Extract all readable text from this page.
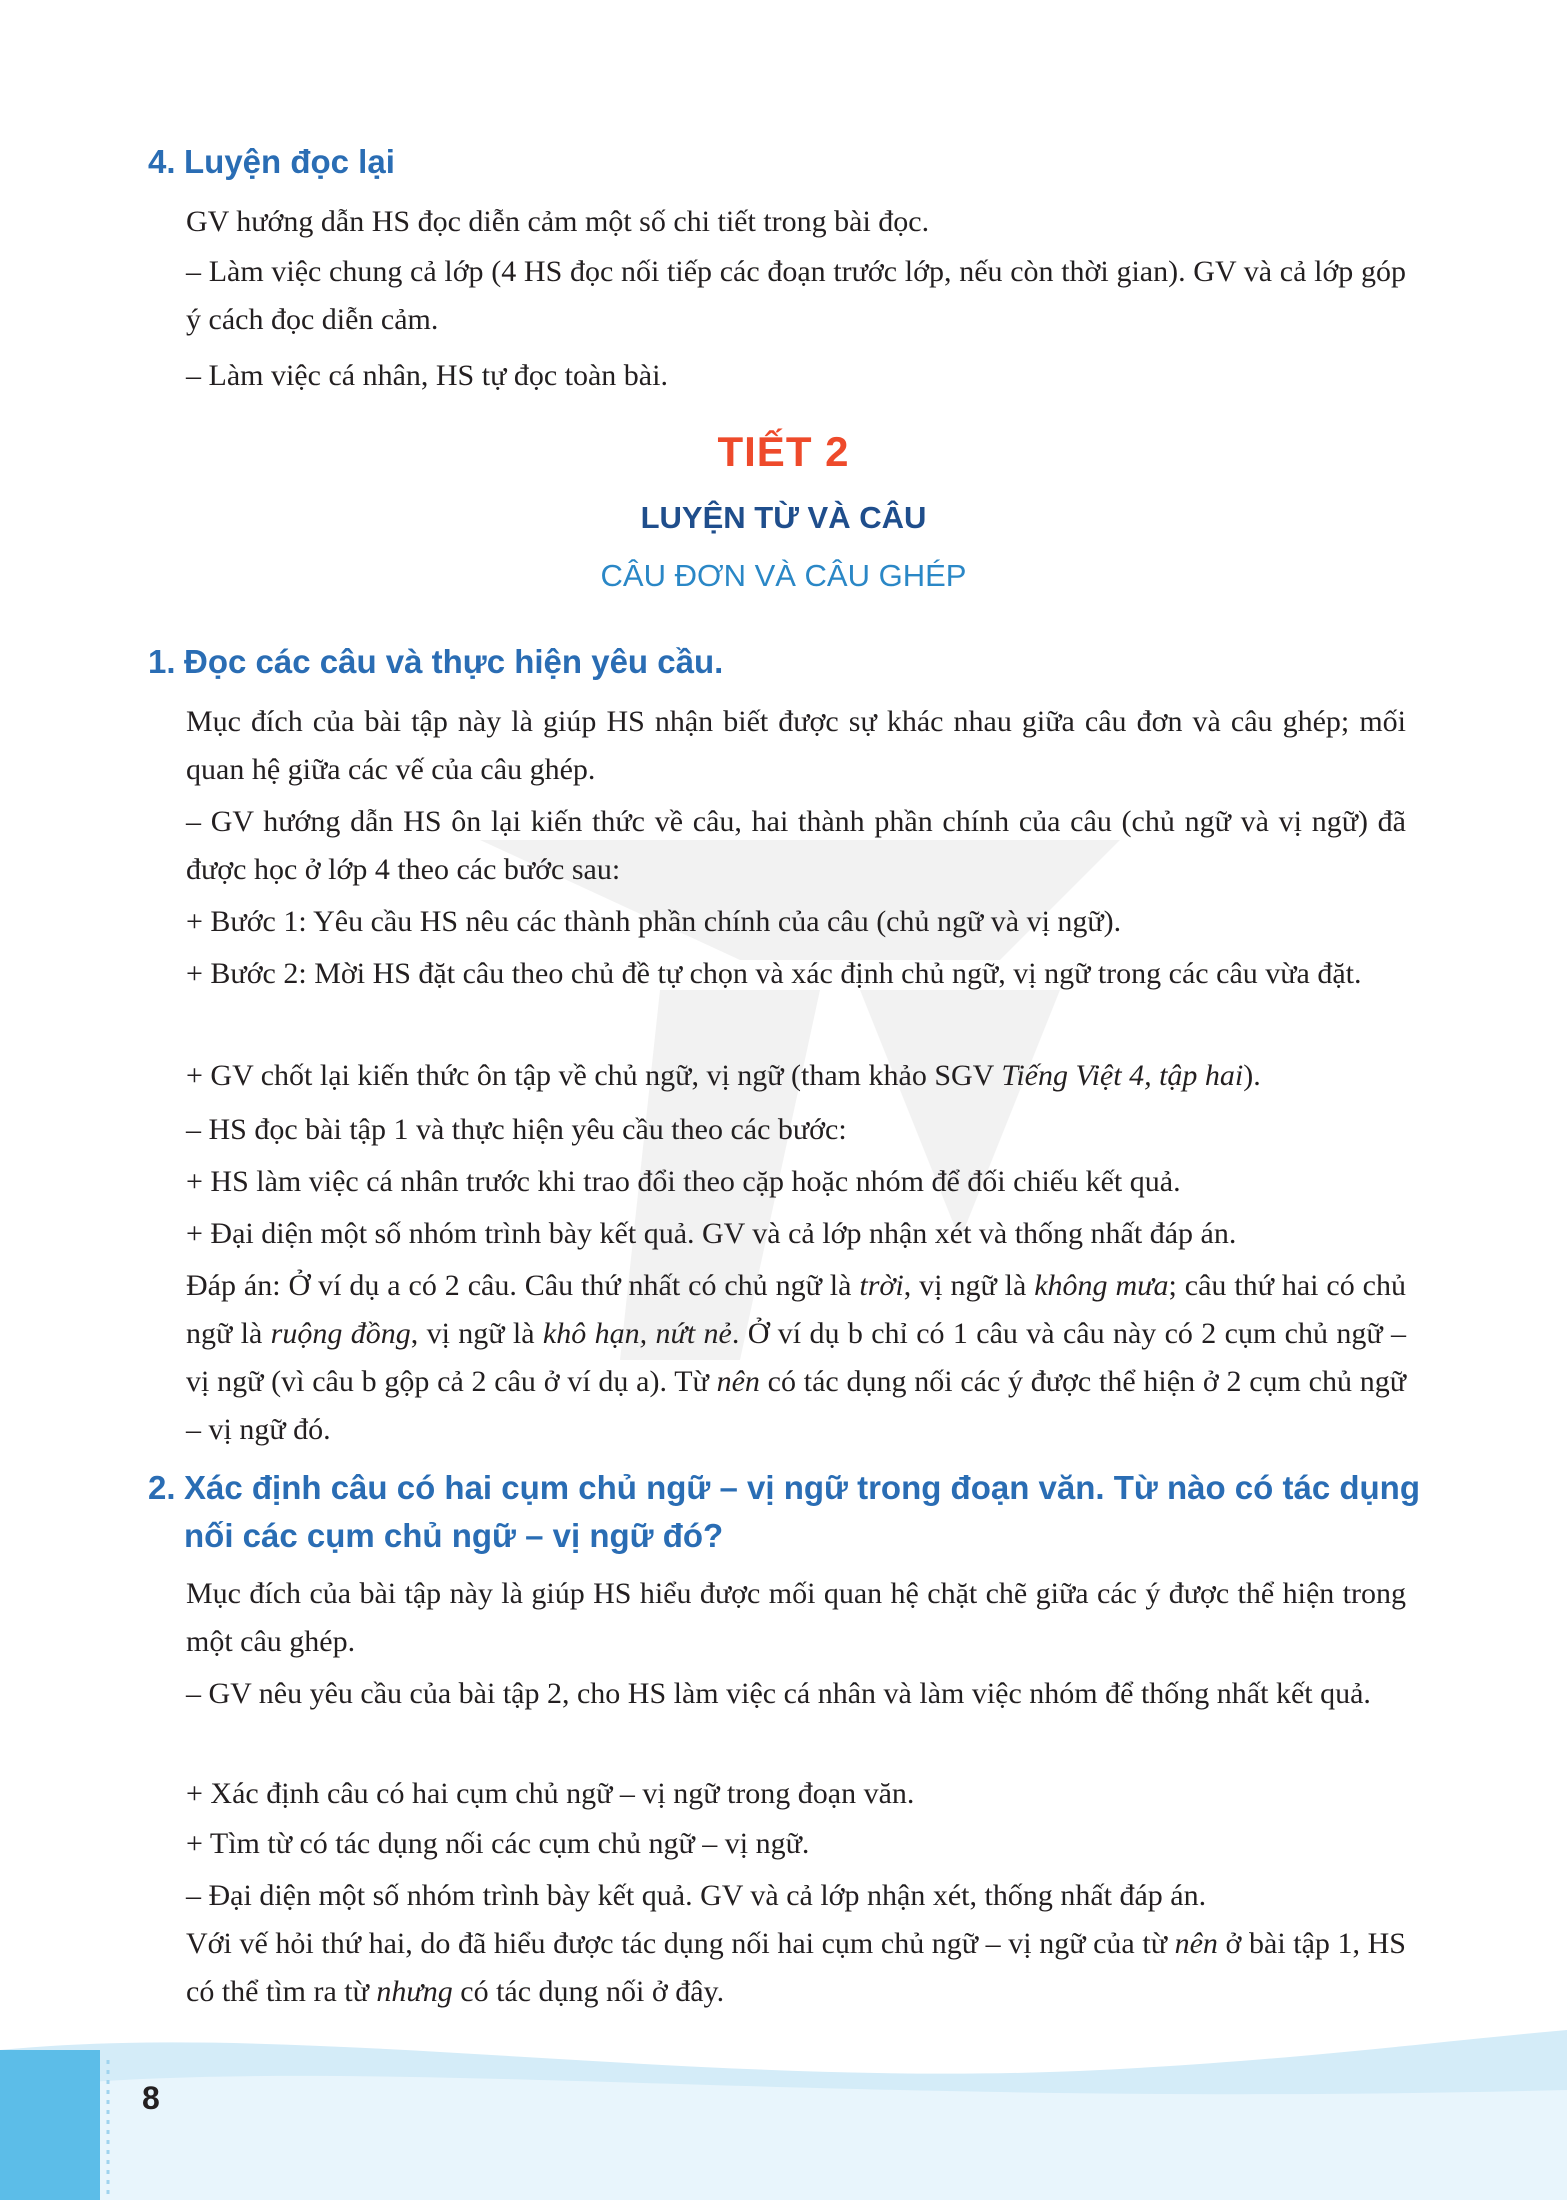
4. Luyện đọc lại

GV hướng dẫn HS đọc diễn cảm một số chi tiết trong bài đọc.

– Làm việc chung cả lớp (4 HS đọc nối tiếp các đoạn trước lớp, nếu còn thời gian). GV và cả lớp góp ý cách đọc diễn cảm.

– Làm việc cá nhân, HS tự đọc toàn bài.

TIẾT 2
LUYỆN TỪ VÀ CÂU
CÂU ĐƠN VÀ CÂU GHÉP
1. Đọc các câu và thực hiện yêu cầu.

Mục đích của bài tập này là giúp HS nhận biết được sự khác nhau giữa câu đơn và câu ghép; mối quan hệ giữa các vế của câu ghép.

– GV hướng dẫn HS ôn lại kiến thức về câu, hai thành phần chính của câu (chủ ngữ và vị ngữ) đã được học ở lớp 4 theo các bước sau:

+ Bước 1: Yêu cầu HS nêu các thành phần chính của câu (chủ ngữ và vị ngữ).

+ Bước 2: Mời HS đặt câu theo chủ đề tự chọn và xác định chủ ngữ, vị ngữ trong các câu vừa đặt.

+ GV chốt lại kiến thức ôn tập về chủ ngữ, vị ngữ (tham khảo SGV Tiếng Việt 4, tập hai).

– HS đọc bài tập 1 và thực hiện yêu cầu theo các bước:

+ HS làm việc cá nhân trước khi trao đổi theo cặp hoặc nhóm để đối chiếu kết quả.

+ Đại diện một số nhóm trình bày kết quả. GV và cả lớp nhận xét và thống nhất đáp án.

Đáp án: Ở ví dụ a có 2 câu. Câu thứ nhất có chủ ngữ là trời, vị ngữ là không mưa; câu thứ hai có chủ ngữ là ruộng đồng, vị ngữ là khô hạn, nứt nẻ. Ở ví dụ b chỉ có 1 câu và câu này có 2 cụm chủ ngữ – vị ngữ (vì câu b gộp cả 2 câu ở ví dụ a). Từ nên có tác dụng nối các ý được thể hiện ở 2 cụm chủ ngữ – vị ngữ đó.

2. Xác định câu có hai cụm chủ ngữ – vị ngữ trong đoạn văn. Từ nào có tác dụng
nối các cụm chủ ngữ – vị ngữ đó?

Mục đích của bài tập này là giúp HS hiểu được mối quan hệ chặt chẽ giữa các ý được thể hiện trong một câu ghép.

– GV nêu yêu cầu của bài tập 2, cho HS làm việc cá nhân và làm việc nhóm để thống nhất kết quả.

+ Xác định câu có hai cụm chủ ngữ – vị ngữ trong đoạn văn.

+ Tìm từ có tác dụng nối các cụm chủ ngữ – vị ngữ.

– Đại diện một số nhóm trình bày kết quả. GV và cả lớp nhận xét, thống nhất đáp án.

Với vế hỏi thứ hai, do đã hiểu được tác dụng nối hai cụm chủ ngữ – vị ngữ của từ nên ở bài tập 1, HS có thể tìm ra từ nhưng có tác dụng nối ở đây.

8
